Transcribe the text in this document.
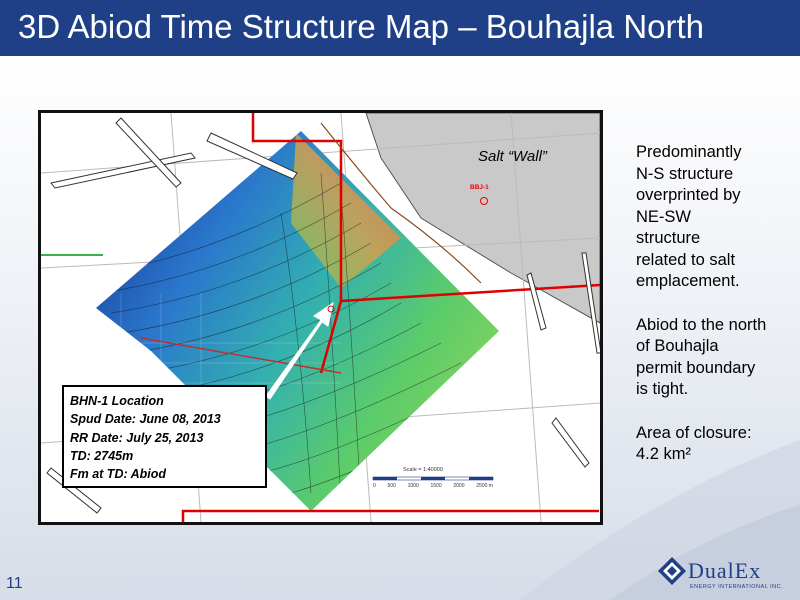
3D Abiod Time Structure Map – Bouhajla North
Salt “Wall”
BBJ-1
Scale = 1:40000
0 500 1000 1500 2000 2500 m
BHN-1 Location
Spud Date: June 08, 2013
RR Date: July 25, 2013
TD: 2745m
Fm at TD: Abiod

Predominantly
N-S structure
overprinted by
NE-SW
structure
related to salt
emplacement.

Abiod to the north
of Bouhajla
permit boundary
is tight.

Area of closure:
4.2 km²

11
DualEx
ENERGY INTERNATIONAL INC.
